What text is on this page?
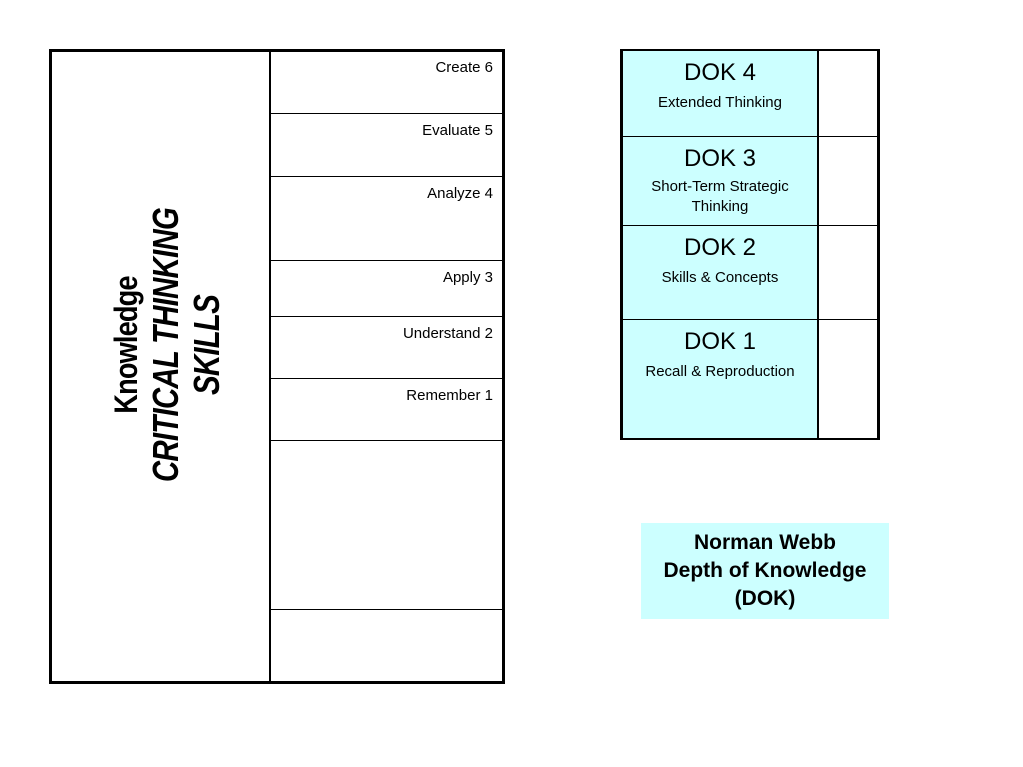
Knowledge CRITICAL THINKING SKILLS
Create 6
Evaluate 5
Analyze 4
Apply 3
Understand 2
Remember 1
DOK 4
Extended Thinking
DOK 3
Short-Term Strategic Thinking
DOK 2
Skills & Concepts
DOK 1
Recall & Reproduction
Norman Webb
Depth of Knowledge
(DOK)
